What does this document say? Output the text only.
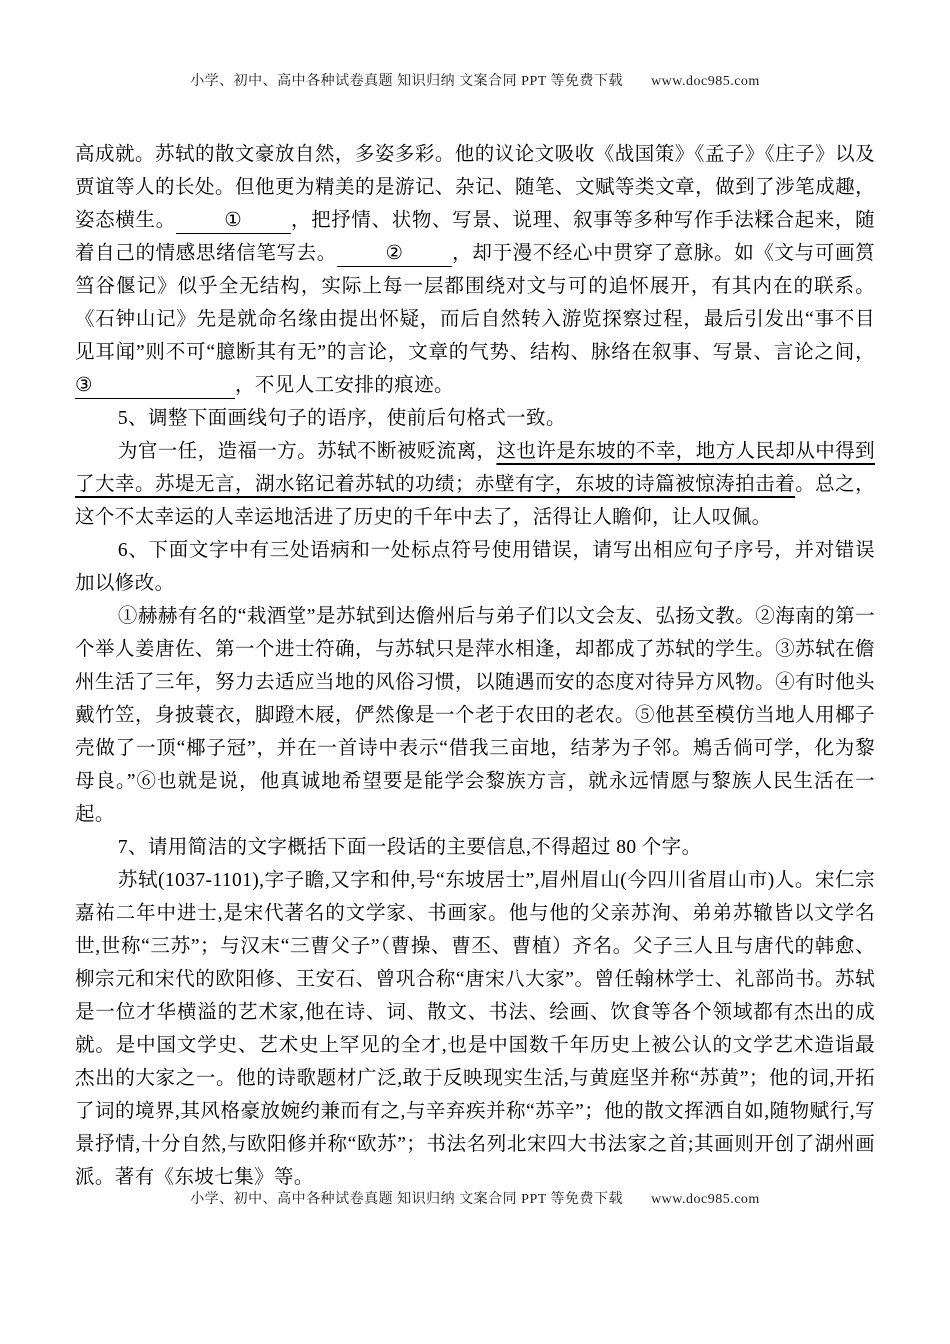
小学、初中、高中各种试卷真题 知识归纳 文案合同 PPT 等免费下载 www.doc985.com

高成就。苏轼的散文豪放自然，多姿多彩。他的议论文吸收《战国策》《孟子》《庄子》以及贾谊等人的长处。但他更为精美的是游记、杂记、随笔、文赋等类文章，做到了涉笔成趣，姿态横生。 ① ，把抒情、状物、写景、说理、叙事等多种写作手法糅合起来，随着自己的情感思绪信笔写去。 ② ，却于漫不经心中贯穿了意脉。如《文与可画筼筜谷偃记》似乎全无结构，实际上每一层都围绕对文与可的追怀展开，有其内在的联系。《石钟山记》先是就命名缘由提出怀疑，而后自然转入游览探察过程，最后引发出“事不目见耳闻”则不可“臆断其有无”的言论，文章的气势、结构、脉络在叙事、写景、言论之间，③	，不见人工安排的痕迹。

5、调整下面画线句子的语序，使前后句格式一致。

为官一任，造福一方。苏轼不断被贬流离，这也许是东坡的不幸，地方人民却从中得到了大幸。苏堤无言，湖水铭记着苏轼的功绩；赤壁有字，东坡的诗篇被惊涛拍击着。总之，这个不太幸运的人幸运地活进了历史的千年中去了，活得让人瞻仰，让人叹佩。

6、下面文字中有三处语病和一处标点符号使用错误，请写出相应句子序号，并对错误加以修改。

①赫赫有名的“栽酒堂”是苏轼到达儋州后与弟子们以文会友、弘扬文教。②海南的第一个举人姜唐佐、第一个进士符确，与苏轼只是萍水相逢，却都成了苏轼的学生。③苏轼在儋州生活了三年，努力去适应当地的风俗习惯，以随遇而安的态度对待异方风物。④有时他头戴竹笠，身披蓑衣，脚蹬木屐，俨然像是一个老于农田的老农。⑤他甚至模仿当地人用椰子壳做了一顶“椰子冠”，并在一首诗中表示“借我三亩地，结茅为子邻。鴂舌倘可学，化为黎母良。”⑥也就是说，他真诚地希望要是能学会黎族方言，就永远情愿与黎族人民生活在一起。

7、请用简洁的文字概括下面一段话的主要信息,不得超过 80 个字。

苏轼(1037-1101),字子瞻,又字和仲,号“东坡居士”,眉州眉山(今四川省眉山市)人。宋仁宗嘉祐二年中进士,是宋代著名的文学家、书画家。他与他的父亲苏洵、弟弟苏辙皆以文学名世,世称“三苏”；与汉末“三曹父子”（曹操、曹丕、曹植）齐名。父子三人且与唐代的韩愈、柳宗元和宋代的欧阳修、王安石、曾巩合称“唐宋八大家”。曾任翰林学士、礼部尚书。苏轼是一位才华横溢的艺术家,他在诗、词、散文、书法、绘画、饮食等各个领域都有杰出的成就。是中国文学史、艺术史上罕见的全才,也是中国数千年历史上被公认的文学艺术造诣最杰出的大家之一。他的诗歌题材广泛,敢于反映现实生活,与黄庭坚并称“苏黄”；他的词,开拓了词的境界,其风格豪放婉约兼而有之,与辛弃疾并称“苏辛”；他的散文挥洒自如,随物赋行,写景抒情,十分自然,与欧阳修并称“欧苏”；书法名列北宋四大书法家之首;其画则开创了湖州画派。著有《东坡七集》等。

小学、初中、高中各种试卷真题 知识归纳 文案合同 PPT 等免费下载 www.doc985.com
